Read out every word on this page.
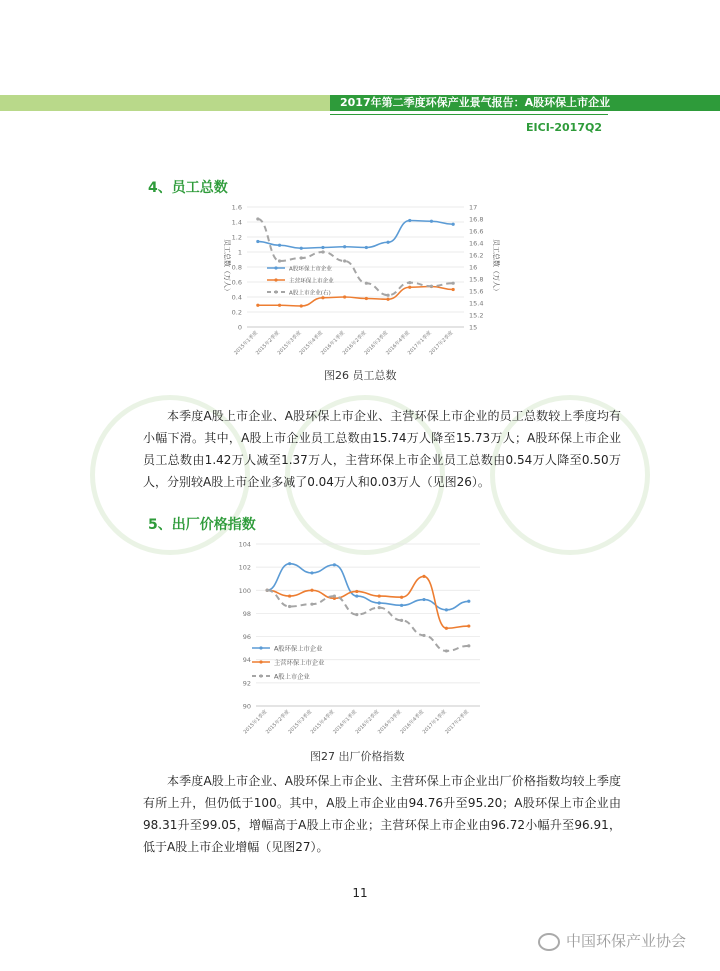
2017年第二季度环保产业景气报告：A股环保上市企业
EICI-2017Q2
4、员工总数
0
0.2
0.4
0.6
0.8
1
1.2
1.4
1.6
15
15.2
15.4
15.6
15.8
16
16.2
16.4
16.6
16.8
17
2015年1季度
2015年2季度
2015年3季度
2015年4季度
2016年1季度
2016年2季度
2016年3季度
2016年4季度
2017年1季度
2017年2季度
员工总数（万人）	员工总数（万人）
A股环保上市企业
主营环保上市企业
A股上市企业(右)
图26 员工总数
本季度A股上市企业、A股环保上市企业、主营环保上市企业的员工总数较上季度均有小幅下滑。其中，A股上市企业员工总数由15.74万人降至15.73万人；A股环保上市企业员工总数由1.42万人减至1.37万人，主营环保上市企业员工总数由0.54万人降至0.50万人，分别较A股上市企业多减了0.04万人和0.03万人（见图26）。
5、出厂价格指数
90
92
94
96
98
100
102
104
2015年1季度
2015年2季度
2015年3季度
2015年4季度
2016年1季度
2016年2季度
2016年3季度
2016年4季度
2017年1季度
2017年2季度
A股环保上市企业
主营环保上市企业
A股上市企业
图27 出厂价格指数
本季度A股上市企业、A股环保上市企业、主营环保上市企业出厂价格指数均较上季度有所上升，但仍低于100。其中，A股上市企业由94.76升至95.20；A股环保上市企业由98.31升至99.05，增幅高于A股上市企业；主营环保上市企业由96.72小幅升至96.91，低于A股上市企业增幅（见图27）。
11
中国环保产业协会
